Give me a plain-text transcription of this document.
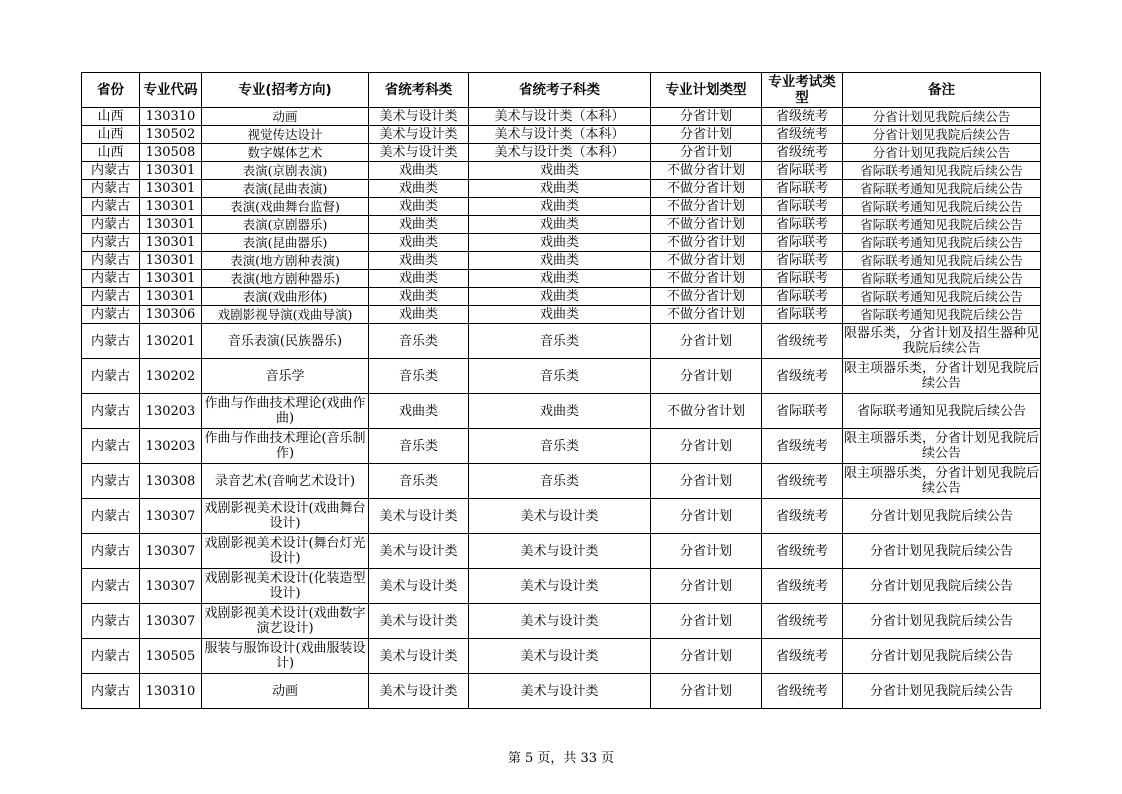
省份	专业代码	专业(招考方向)	省统考科类	省统考子科类	专业计划类型	专业考试类型	备注
山西	130310	动画	美术与设计类	美术与设计类（本科）	分省计划	省级统考	分省计划见我院后续公告
山西	130502	视觉传达设计	美术与设计类	美术与设计类（本科）	分省计划	省级统考	分省计划见我院后续公告
山西	130508	数字媒体艺术	美术与设计类	美术与设计类（本科）	分省计划	省级统考	分省计划见我院后续公告
内蒙古	130301	表演(京剧表演)	戏曲类	戏曲类	不做分省计划	省际联考	省际联考通知见我院后续公告
内蒙古	130301	表演(昆曲表演)	戏曲类	戏曲类	不做分省计划	省际联考	省际联考通知见我院后续公告
内蒙古	130301	表演(戏曲舞台监督)	戏曲类	戏曲类	不做分省计划	省际联考	省际联考通知见我院后续公告
内蒙古	130301	表演(京剧器乐)	戏曲类	戏曲类	不做分省计划	省际联考	省际联考通知见我院后续公告
内蒙古	130301	表演(昆曲器乐)	戏曲类	戏曲类	不做分省计划	省际联考	省际联考通知见我院后续公告
内蒙古	130301	表演(地方剧种表演)	戏曲类	戏曲类	不做分省计划	省际联考	省际联考通知见我院后续公告
内蒙古	130301	表演(地方剧种器乐)	戏曲类	戏曲类	不做分省计划	省际联考	省际联考通知见我院后续公告
内蒙古	130301	表演(戏曲形体)	戏曲类	戏曲类	不做分省计划	省际联考	省际联考通知见我院后续公告
内蒙古	130306	戏剧影视导演(戏曲导演)	戏曲类	戏曲类	不做分省计划	省际联考	省际联考通知见我院后续公告
内蒙古	130201	音乐表演(民族器乐)	音乐类	音乐类	分省计划	省级统考	限器乐类，分省计划及招生器种见我院后续公告
内蒙古	130202	音乐学	音乐类	音乐类	分省计划	省级统考	限主项器乐类，分省计划见我院后续公告
内蒙古	130203	作曲与作曲技术理论(戏曲作曲)	戏曲类	戏曲类	不做分省计划	省际联考	省际联考通知见我院后续公告
内蒙古	130203	作曲与作曲技术理论(音乐制作)	音乐类	音乐类	分省计划	省级统考	限主项器乐类，分省计划见我院后续公告
内蒙古	130308	录音艺术(音响艺术设计)	音乐类	音乐类	分省计划	省级统考	限主项器乐类，分省计划见我院后续公告
内蒙古	130307	戏剧影视美术设计(戏曲舞台设计)	美术与设计类	美术与设计类	分省计划	省级统考	分省计划见我院后续公告
内蒙古	130307	戏剧影视美术设计(舞台灯光设计)	美术与设计类	美术与设计类	分省计划	省级统考	分省计划见我院后续公告
内蒙古	130307	戏剧影视美术设计(化装造型设计)	美术与设计类	美术与设计类	分省计划	省级统考	分省计划见我院后续公告
内蒙古	130307	戏剧影视美术设计(戏曲数字演艺设计)	美术与设计类	美术与设计类	分省计划	省级统考	分省计划见我院后续公告
内蒙古	130505	服装与服饰设计(戏曲服装设计)	美术与设计类	美术与设计类	分省计划	省级统考	分省计划见我院后续公告
内蒙古	130310	动画	美术与设计类	美术与设计类	分省计划	省级统考	分省计划见我院后续公告
第 5 页，共 33 页
